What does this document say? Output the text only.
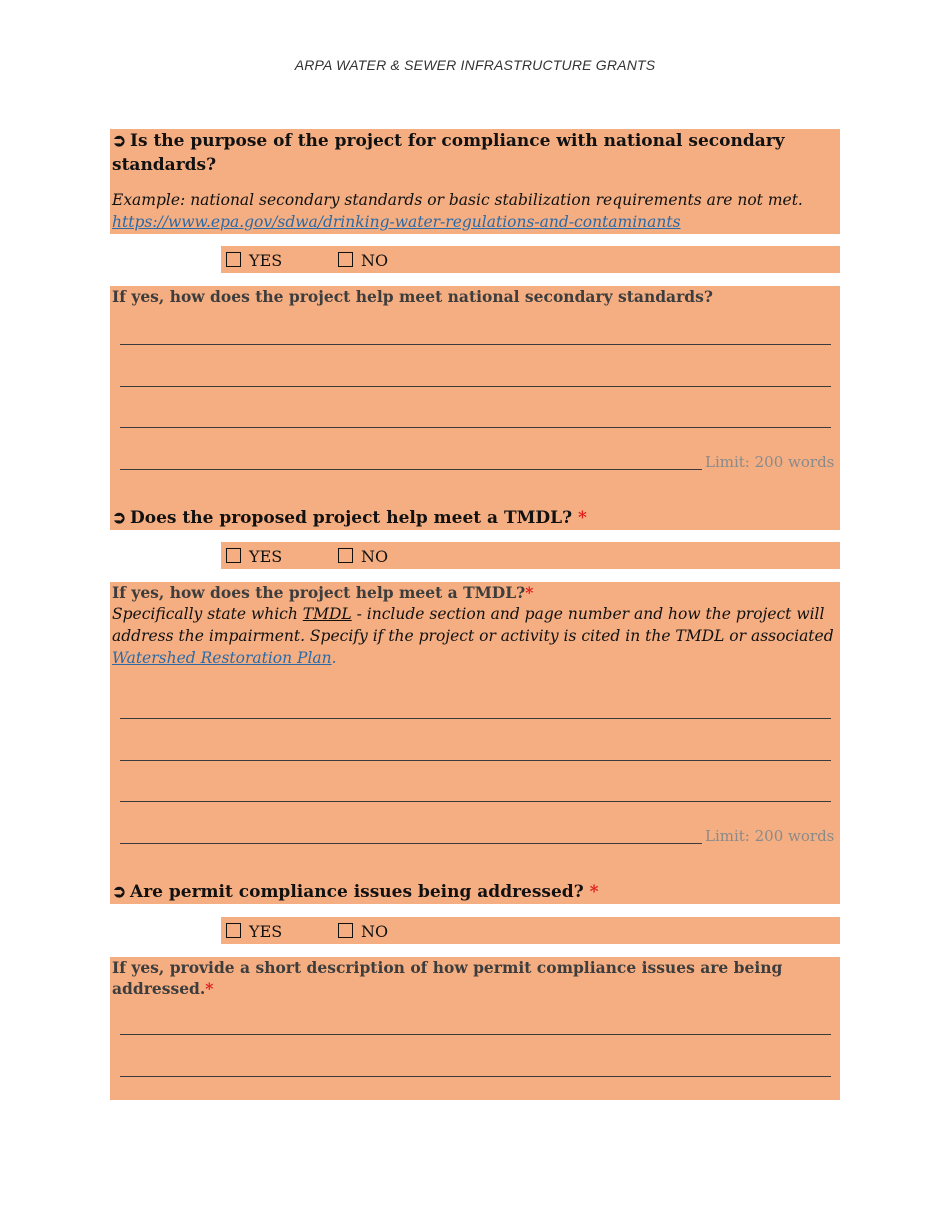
ARPA WATER & SEWER INFRASTRUCTURE GRANTS
➲ Is the purpose of the project for compliance with national secondary standards?
Example: national secondary standards or basic stabilization requirements are not met.
https://www.epa.gov/sdwa/drinking-water-regulations-and-contaminants
YES	NO
If yes, how does the project help meet national secondary standards?
Limit: 200 words
➲ Does the proposed project help meet a TMDL? *
YES	NO
If yes, how does the project help meet a TMDL?*
Specifically state which TMDL - include section and page number and how the project will address the impairment. Specify if the project or activity is cited in the TMDL or associated Watershed Restoration Plan.
Limit: 200 words
➲ Are permit compliance issues being addressed? *
YES	NO
If yes, provide a short description of how permit compliance issues are being addressed.*
